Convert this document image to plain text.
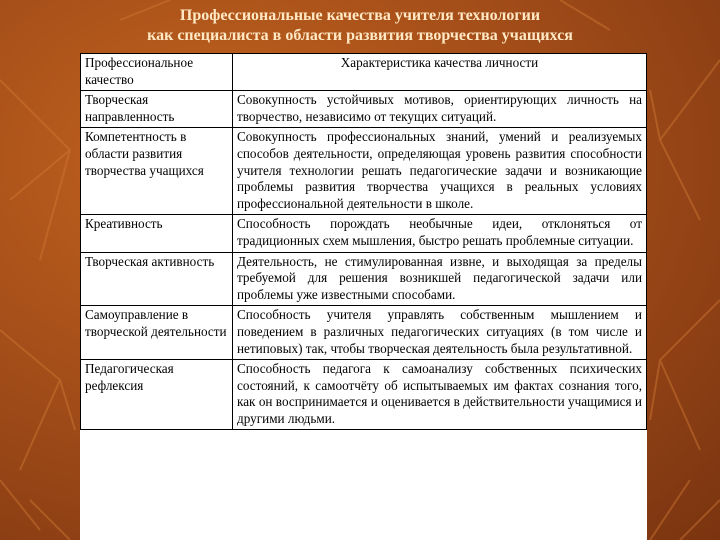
Профессиональные качества учителя технологии
как специалиста в области развития творчества учащихся
Профессиональное качество	Характеристика качества личности
Творческая направленность	Совокупность устойчивых мотивов, ориентирующих личность на творчество, независимо от текущих ситуаций.
Компетентность в области развития творчества учащихся	Совокупность профессиональных знаний, умений и реализуемых способов деятельности, определяющая уровень развития способности учителя технологии решать педагогические задачи и возникающие проблемы развития творчества учащихся в реальных условиях профессиональной деятельности в школе.
Креативность	Способность порождать необычные идеи, отклоняться от традиционных схем мышления, быстро решать проблемные ситуации.
Творческая активность	Деятельность, не стимулированная извне, и выходящая за пределы требуемой для решения возникшей педагогической задачи или проблемы уже известными способами.
Самоуправление в творческой деятельности	Способность учителя управлять собственным мышлением и поведением в различных педагогических ситуациях (в том числе и нетиповых) так, чтобы творческая деятельность была результативной.
Педагогическая рефлексия	Способность педагога к самоанализу собственных психических состояний, к самоотчёту об испытываемых им фактах сознания того, как он воспринимается и оценивается в действительности учащимися и другими людьми.
